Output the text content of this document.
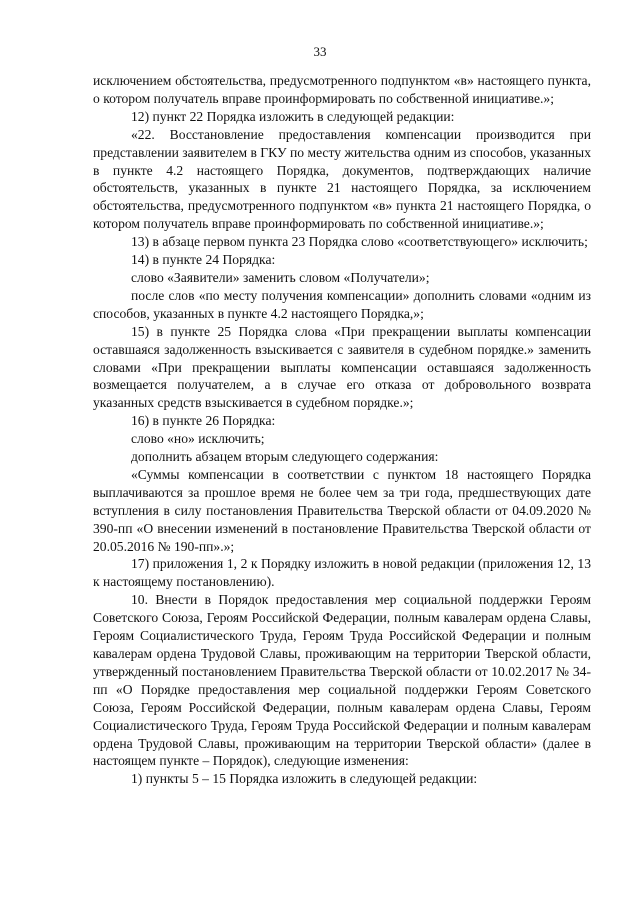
33

исключением обстоятельства, предусмотренного подпунктом «в» настоящего пункта, о котором получатель вправе проинформировать по собственной инициативе.»;

12) пункт 22 Порядка изложить в следующей редакции:

«22. Восстановление предоставления компенсации производится при представлении заявителем в ГКУ по месту жительства одним из способов, указанных в пункте 4.2 настоящего Порядка, документов, подтверждающих наличие обстоятельств, указанных в пункте 21 настоящего Порядка, за исключением обстоятельства, предусмотренного подпунктом «в» пункта 21 настоящего Порядка, о котором получатель вправе проинформировать по собственной инициативе.»;

13) в абзаце первом пункта 23 Порядка слово «соответствующего» исключить;

14) в пункте 24 Порядка:

слово «Заявители» заменить словом «Получатели»;

после слов «по месту получения компенсации» дополнить словами «одним из способов, указанных в пункте 4.2 настоящего Порядка,»;

15) в пункте 25 Порядка слова «При прекращении выплаты компенсации оставшаяся задолженность взыскивается с заявителя в судебном порядке.» заменить словами «При прекращении выплаты компенсации оставшаяся задолженность возмещается получателем, а в случае его отказа от добровольного возврата указанных средств взыскивается в судебном порядке.»;

16) в пункте 26 Порядка:

слово «но» исключить;

дополнить абзацем вторым следующего содержания:

«Суммы компенсации в соответствии с пунктом 18 настоящего Порядка выплачиваются за прошлое время не более чем за три года, предшествующих дате вступления в силу постановления Правительства Тверской области от 04.09.2020 № 390-пп «О внесении изменений в постановление Правительства Тверской области от 20.05.2016 № 190-пп».»;

17) приложения 1, 2 к Порядку изложить в новой редакции (приложения 12, 13 к настоящему постановлению).

10. Внести в Порядок предоставления мер социальной поддержки Героям Советского Союза, Героям Российской Федерации, полным кавалерам ордена Славы, Героям Социалистического Труда, Героям Труда Российской Федерации и полным кавалерам ордена Трудовой Славы, проживающим на территории Тверской области, утвержденный постановлением Правительства Тверской области от 10.02.2017 № 34-пп «О Порядке предоставления мер социальной поддержки Героям Советского Союза, Героям Российской Федерации, полным кавалерам ордена Славы, Героям Социалистического Труда, Героям Труда Российской Федерации и полным кавалерам ордена Трудовой Славы, проживающим на территории Тверской области» (далее в настоящем пункте – Порядок), следующие изменения:

1) пункты 5 – 15 Порядка изложить в следующей редакции:
